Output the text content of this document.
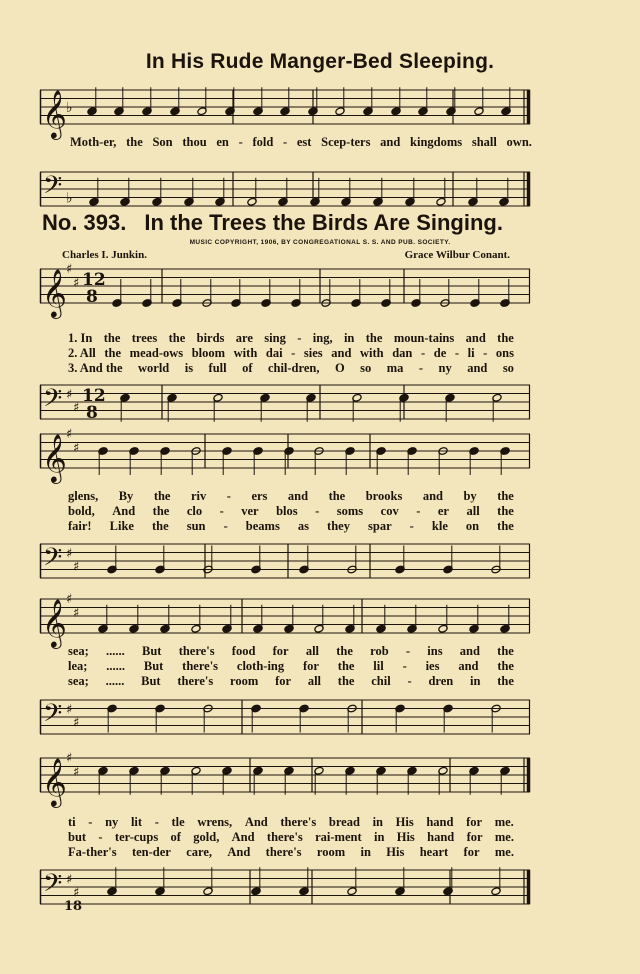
In His Rude Manger-Bed Sleeping.
𝄞 ♭
𝄢 ♭
Moth-er, the Son thou en - fold - est Scep-ters and kingdoms shall own.
No. 393. In the Trees the Birds Are Singing.
MUSIC COPYRIGHT, 1906, BY CONGREGATIONAL S. S. AND PUB. SOCIETY.
Charles I. Junkin.	Grace Wilbur Conant.
𝄞 ♯
♯ 12
8
𝄢 ♯
♯
12
8
1. In the trees the birds are sing - ing, in the moun-tains and the
2. All the mead-ows bloom with dai - sies and with dan - de - li - ons
3. And the world is full of chil-dren, O so ma - ny and so
𝄞 ♯
♯
𝄢 ♯
♯
glens, By the riv - ers and the brooks and by the
bold, And the clo - ver blos - soms cov - er all the
fair! Like the sun - beams as they spar - kle on the
𝄞 ♯
♯
𝄢 ♯
♯
sea; ...... But there's food for all the rob - ins and the
lea; ...... But there's cloth-ing for the lil - ies and the
sea; ...... But there's room for all the chil - dren in the
𝄞 ♯
♯
𝄢 ♯
♯
ti - ny lit - tle wrens, And there's bread in His hand for me.
but - ter-cups of gold, And there's rai-ment in His hand for me.
Fa-ther's ten-der care, And there's room in His heart for me.
18
